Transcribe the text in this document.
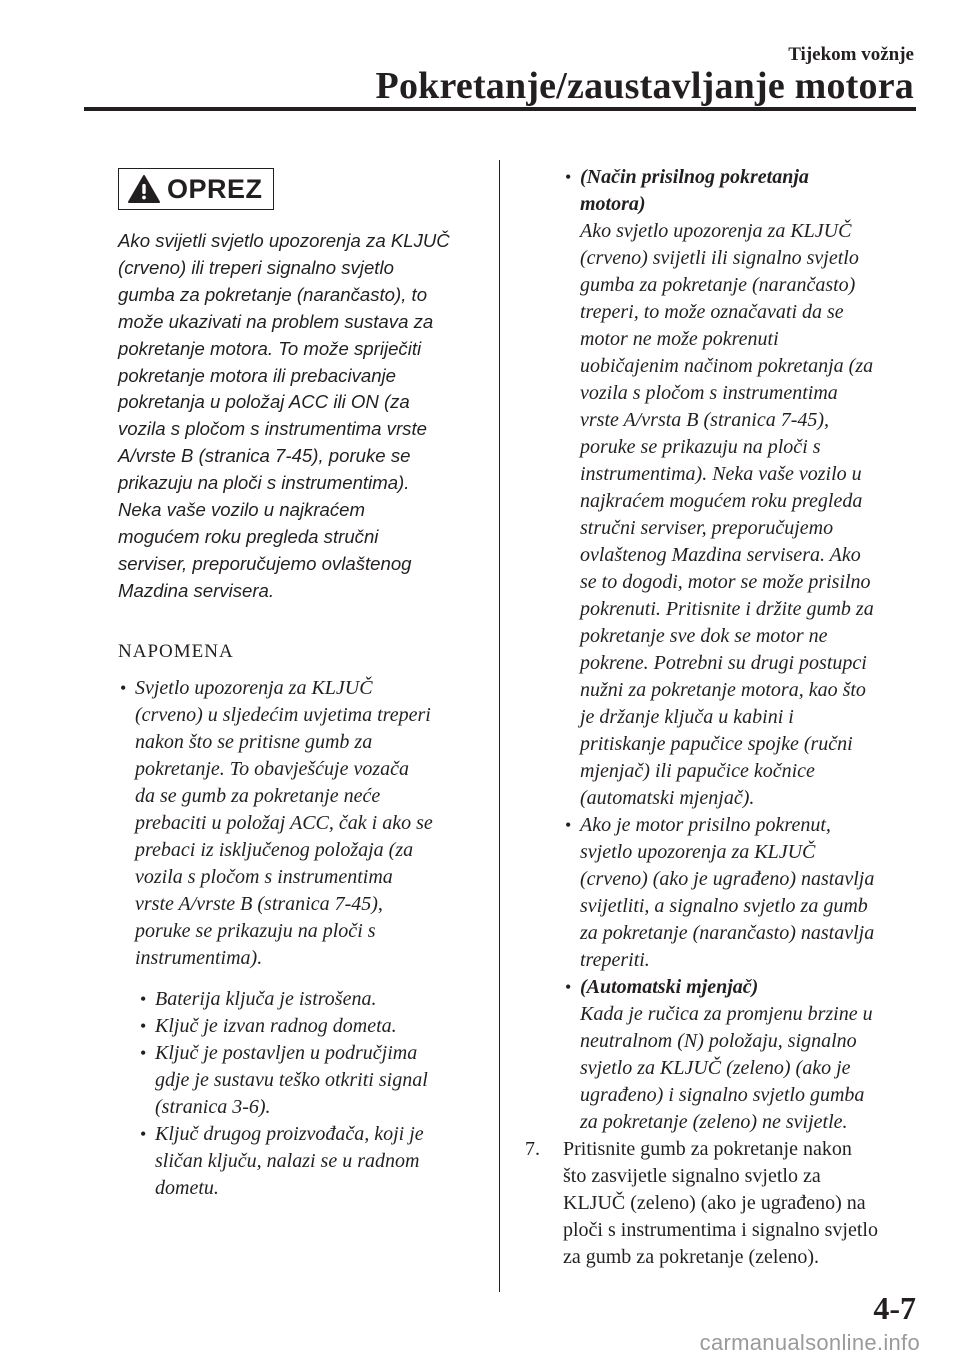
Tijekom vožnje
Pokretanje/zaustavljanje motora
OPREZ
Ako svijetli svjetlo upozorenja za KLJUČ
(crveno) ili treperi signalno svjetlo
gumba za pokretanje (narančasto), to
može ukazivati na problem sustava za
pokretanje motora. To može spriječiti
pokretanje motora ili prebacivanje
pokretanja u položaj ACC ili ON (za
vozila s pločom s instrumentima vrste
A/vrste B (stranica 7-45), poruke se
prikazuju na ploči s instrumentima).
Neka vaše vozilo u najkraćem
mogućem roku pregleda stručni
serviser, preporučujemo ovlaštenog
Mazdina servisera.
NAPOMENA
• Svjetlo upozorenja za KLJUČ
(crveno) u sljedećim uvjetima treperi
nakon što se pritisne gumb za
pokretanje. To obavješćuje vozača
da se gumb za pokretanje neće
prebaciti u položaj ACC, čak i ako se
prebaci iz isključenog položaja (za
vozila s pločom s instrumentima
vrste A/vrste B (stranica 7-45),
poruke se prikazuju na ploči s
instrumentima).
• Baterija ključa je istrošena.
• Ključ je izvan radnog dometa.
• Ključ je postavljen u područjima
gdje je sustavu teško otkriti signal
(stranica 3-6).
• Ključ drugog proizvođača, koji je
sličan ključu, nalazi se u radnom
dometu.
• (Način prisilnog pokretanja
motora)
Ako svjetlo upozorenja za KLJUČ
(crveno) svijetli ili signalno svjetlo
gumba za pokretanje (narančasto)
treperi, to može označavati da se
motor ne može pokrenuti
uobičajenim načinom pokretanja (za
vozila s pločom s instrumentima
vrste A/vrsta B (stranica 7-45),
poruke se prikazuju na ploči s
instrumentima). Neka vaše vozilo u
najkraćem mogućem roku pregleda
stručni serviser, preporučujemo
ovlaštenog Mazdina servisera. Ako
se to dogodi, motor se može prisilno
pokrenuti. Pritisnite i držite gumb za
pokretanje sve dok se motor ne
pokrene. Potrebni su drugi postupci
nužni za pokretanje motora, kao što
je držanje ključa u kabini i
pritiskanje papučice spojke (ručni
mjenjač) ili papučice kočnice
(automatski mjenjač).
• Ako je motor prisilno pokrenut,
svjetlo upozorenja za KLJUČ
(crveno) (ako je ugrađeno) nastavlja
svijetliti, a signalno svjetlo za gumb
za pokretanje (narančasto) nastavlja
treperiti.
• (Automatski mjenjač)
Kada je ručica za promjenu brzine u
neutralnom (N) položaju, signalno
svjetlo za KLJUČ (zeleno) (ako je
ugrađeno) i signalno svjetlo gumba
za pokretanje (zeleno) ne svijetle.
7. Pritisnite gumb za pokretanje nakon
što zasvijetle signalno svjetlo za
KLJUČ (zeleno) (ako je ugrađeno) na
ploči s instrumentima i signalno svjetlo
za gumb za pokretanje (zeleno).
4-7
carmanualsonline.info
